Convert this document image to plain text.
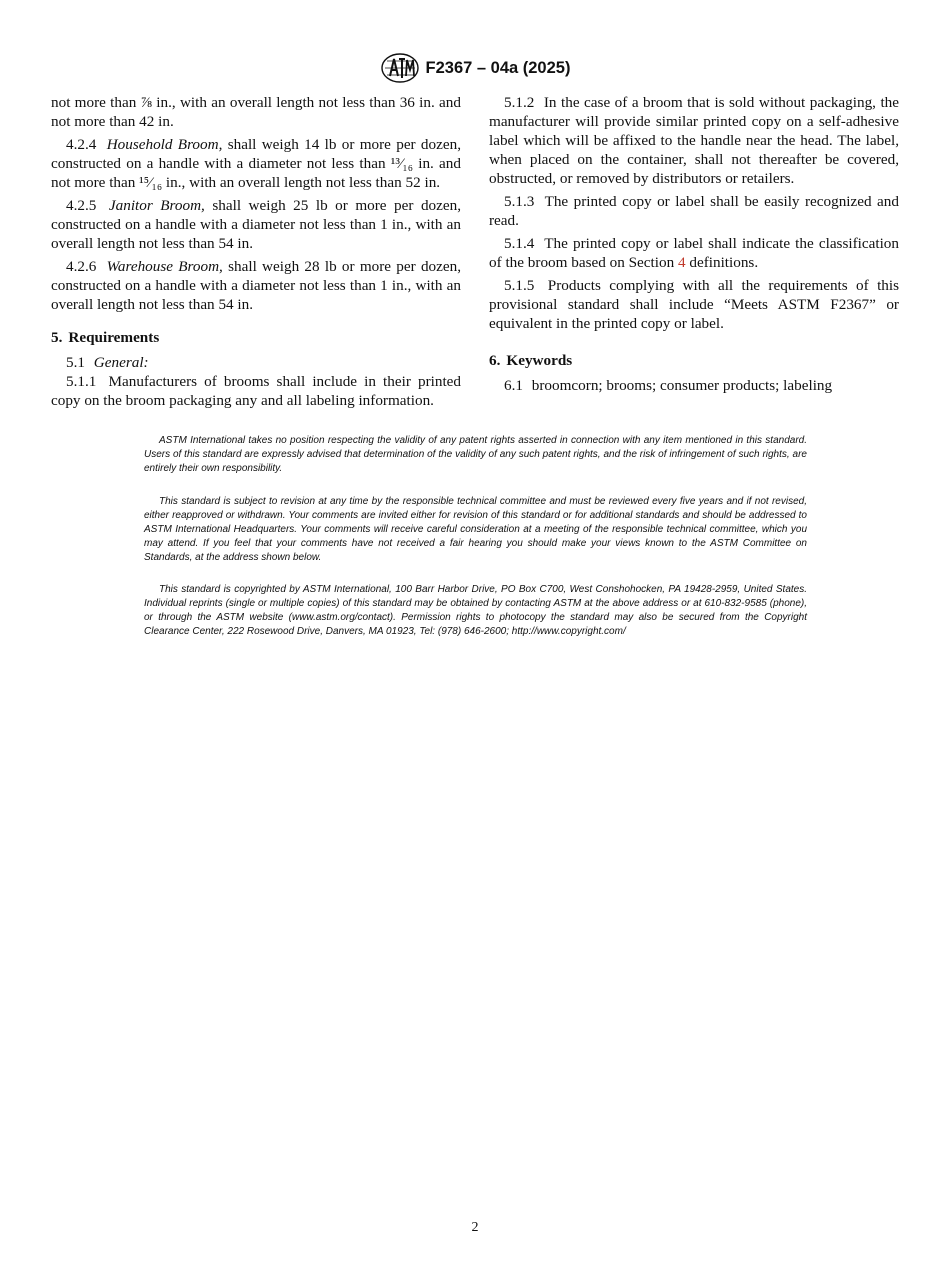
F2367 – 04a (2025)

not more than ⅞ in., with an overall length not less than 36 in. and not more than 42 in.

4.2.4 Household Broom, shall weigh 14 lb or more per dozen, constructed on a handle with a diameter not less than ¹³⁄₁₆ in. and not more than ¹⁵⁄₁₆ in., with an overall length not less than 52 in.

4.2.5 Janitor Broom, shall weigh 25 lb or more per dozen, constructed on a handle with a diameter not less than 1 in., with an overall length not less than 54 in.

4.2.6 Warehouse Broom, shall weigh 28 lb or more per dozen, constructed on a handle with a diameter not less than 1 in., with an overall length not less than 54 in.

5. Requirements

5.1 General:

5.1.1 Manufacturers of brooms shall include in their printed copy on the broom packaging any and all labeling information.

5.1.2 In the case of a broom that is sold without packaging, the manufacturer will provide similar printed copy on a self-adhesive label which will be affixed to the handle near the head. The label, when placed on the container, shall not thereafter be covered, obstructed, or removed by distributors or retailers.

5.1.3 The printed copy or label shall be easily recognized and read.

5.1.4 The printed copy or label shall indicate the classification of the broom based on Section 4 definitions.

5.1.5 Products complying with all the requirements of this provisional standard shall include “Meets ASTM F2367” or equivalent in the printed copy or label.

6. Keywords

6.1 broomcorn; brooms; consumer products; labeling

ASTM International takes no position respecting the validity of any patent rights asserted in connection with any item mentioned in this standard. Users of this standard are expressly advised that determination of the validity of any such patent rights, and the risk of infringement of such rights, are entirely their own responsibility.

This standard is subject to revision at any time by the responsible technical committee and must be reviewed every five years and if not revised, either reapproved or withdrawn. Your comments are invited either for revision of this standard or for additional standards and should be addressed to ASTM International Headquarters. Your comments will receive careful consideration at a meeting of the responsible technical committee, which you may attend. If you feel that your comments have not received a fair hearing you should make your views known to the ASTM Committee on Standards, at the address shown below.

This standard is copyrighted by ASTM International, 100 Barr Harbor Drive, PO Box C700, West Conshohocken, PA 19428-2959, United States. Individual reprints (single or multiple copies) of this standard may be obtained by contacting ASTM at the above address or at 610-832-9585 (phone), or through the ASTM website (www.astm.org/contact). Permission rights to photocopy the standard may also be secured from the Copyright Clearance Center, 222 Rosewood Drive, Danvers, MA 01923, Tel: (978) 646-2600; http://www.copyright.com/

2
